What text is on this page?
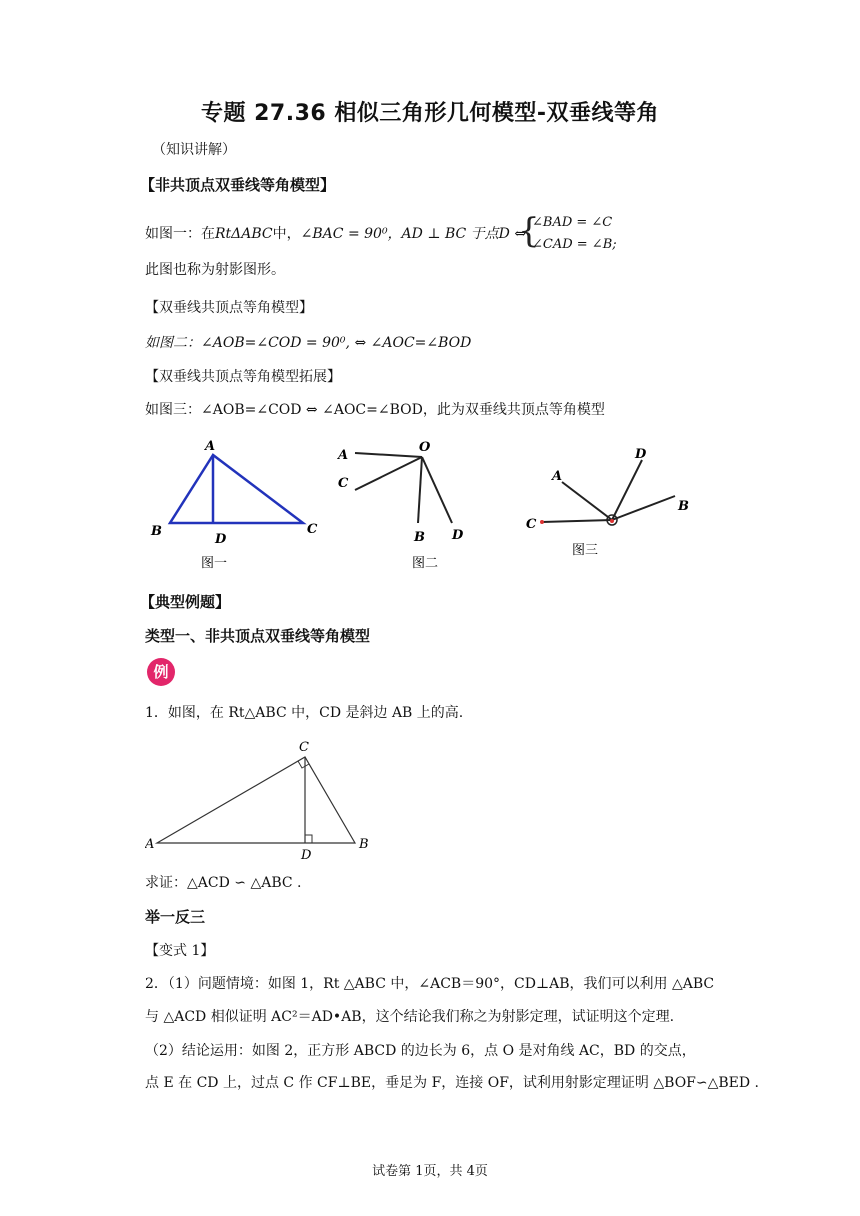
专题 27.36 相似三角形几何模型-双垂线等角
（知识讲解）
【非共顶点双垂线等角模型】
如图一：在RtΔABC中，∠BAC = 90⁰，AD ⊥ BC 于点D ⇔
{
∠BAD = ∠C
∠CAD = ∠B;
此图也称为射影图形。
【双垂线共顶点等角模型】
如图二：∠AOB=∠COD = 90⁰, ⇔ ∠AOC=∠BOD
【双垂线共顶点等角模型拓展】
如图三：∠AOB=∠COD ⇔ ∠AOC=∠BOD，此为双垂线共顶点等角模型
A
B	C
D
图一
A
O
C
B D
图二
A
D
B
C
图三
【典型例题】
类型一、非共顶点双垂线等角模型
例
1．如图，在 Rt△ABC 中，CD 是斜边 AB 上的高.
C
A
D
B
求证：△ACD ∽ △ABC .
举一反三
【变式 1】
2．（1）问题情境：如图 1，Rt △ABC 中，∠ACB＝90°，CD⊥AB，我们可以利用 △ABC
与 △ACD 相似证明 AC²＝AD•AB，这个结论我们称之为射影定理，试证明这个定理.
（2）结论运用：如图 2，正方形 ABCD 的边长为 6，点 O 是对角线 AC，BD 的交点，
点 E 在 CD 上，过点 C 作 CF⊥BE，垂足为 F，连接 OF，试利用射影定理证明 △BOF∽△BED .
试卷第 1页，共 4页
